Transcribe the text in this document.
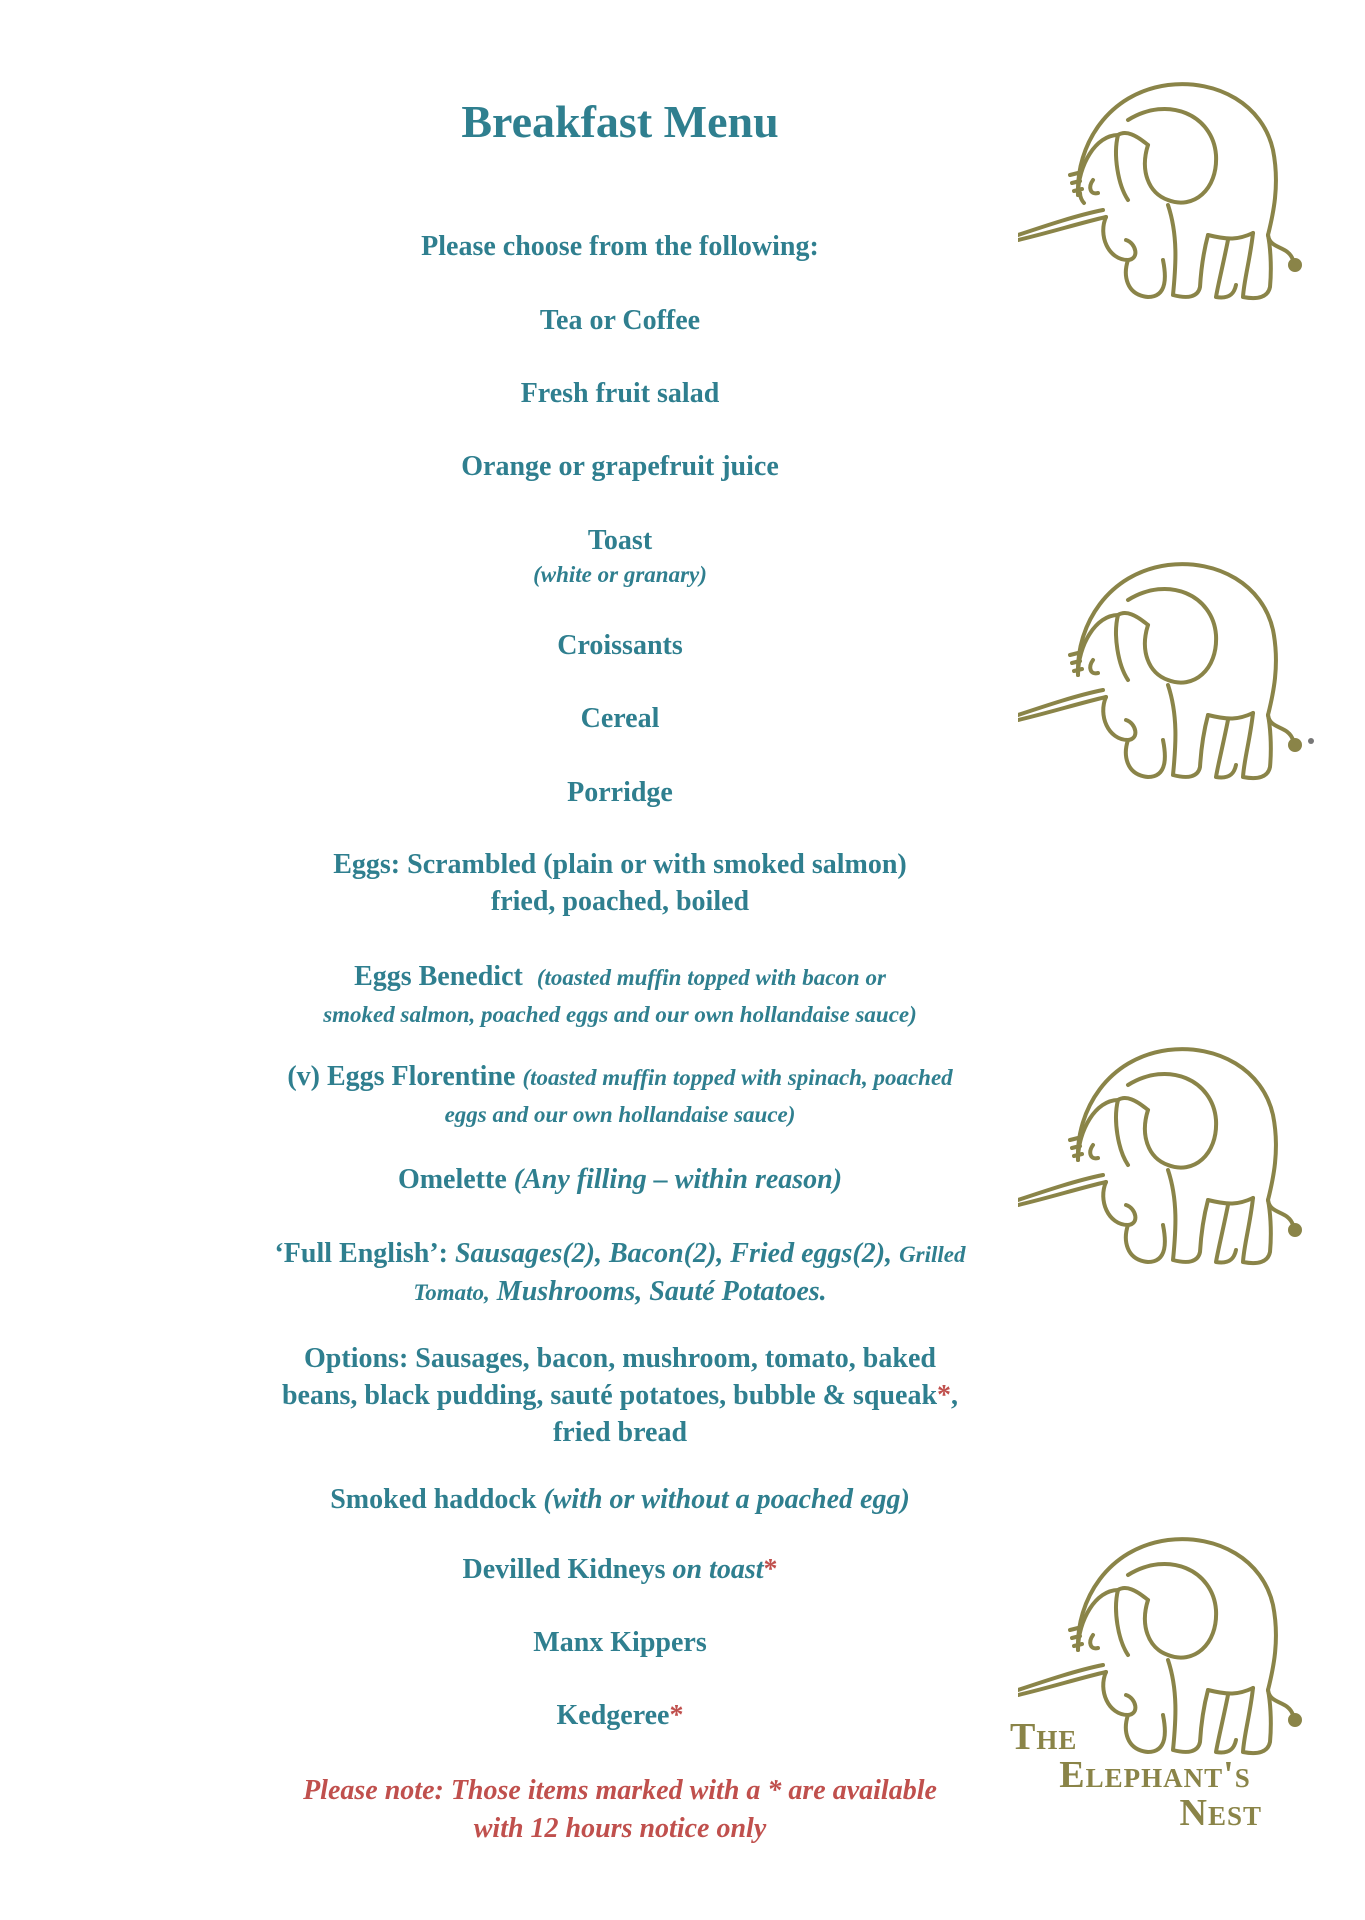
Breakfast Menu
Please choose from the following:
Tea or Coffee
Fresh fruit salad
Orange or grapefruit juice
Toast
(white or granary)
Croissants
Cereal
Porridge
Eggs: Scrambled (plain or with smoked salmon)
fried, poached, boiled
Eggs Benedict (toasted muffin topped with bacon or
smoked salmon, poached eggs and our own hollandaise sauce)
(v) Eggs Florentine (toasted muffin topped with spinach, poached
eggs and our own hollandaise sauce)
Omelette (Any filling – within reason)
‘Full English’: Sausages(2), Bacon(2), Fried eggs(2), Grilled
Tomato, Mushrooms, Sauté Potatoes.
Options: Sausages, bacon, mushroom, tomato, baked
beans, black pudding, sauté potatoes, bubble & squeak*,
fried bread
Smoked haddock (with or without a poached egg)
Devilled Kidneys on toast*
Manx Kippers
Kedgeree*
Please note: Those items marked with a * are available
with 12 hours notice only
The
Elephant's
Nest
